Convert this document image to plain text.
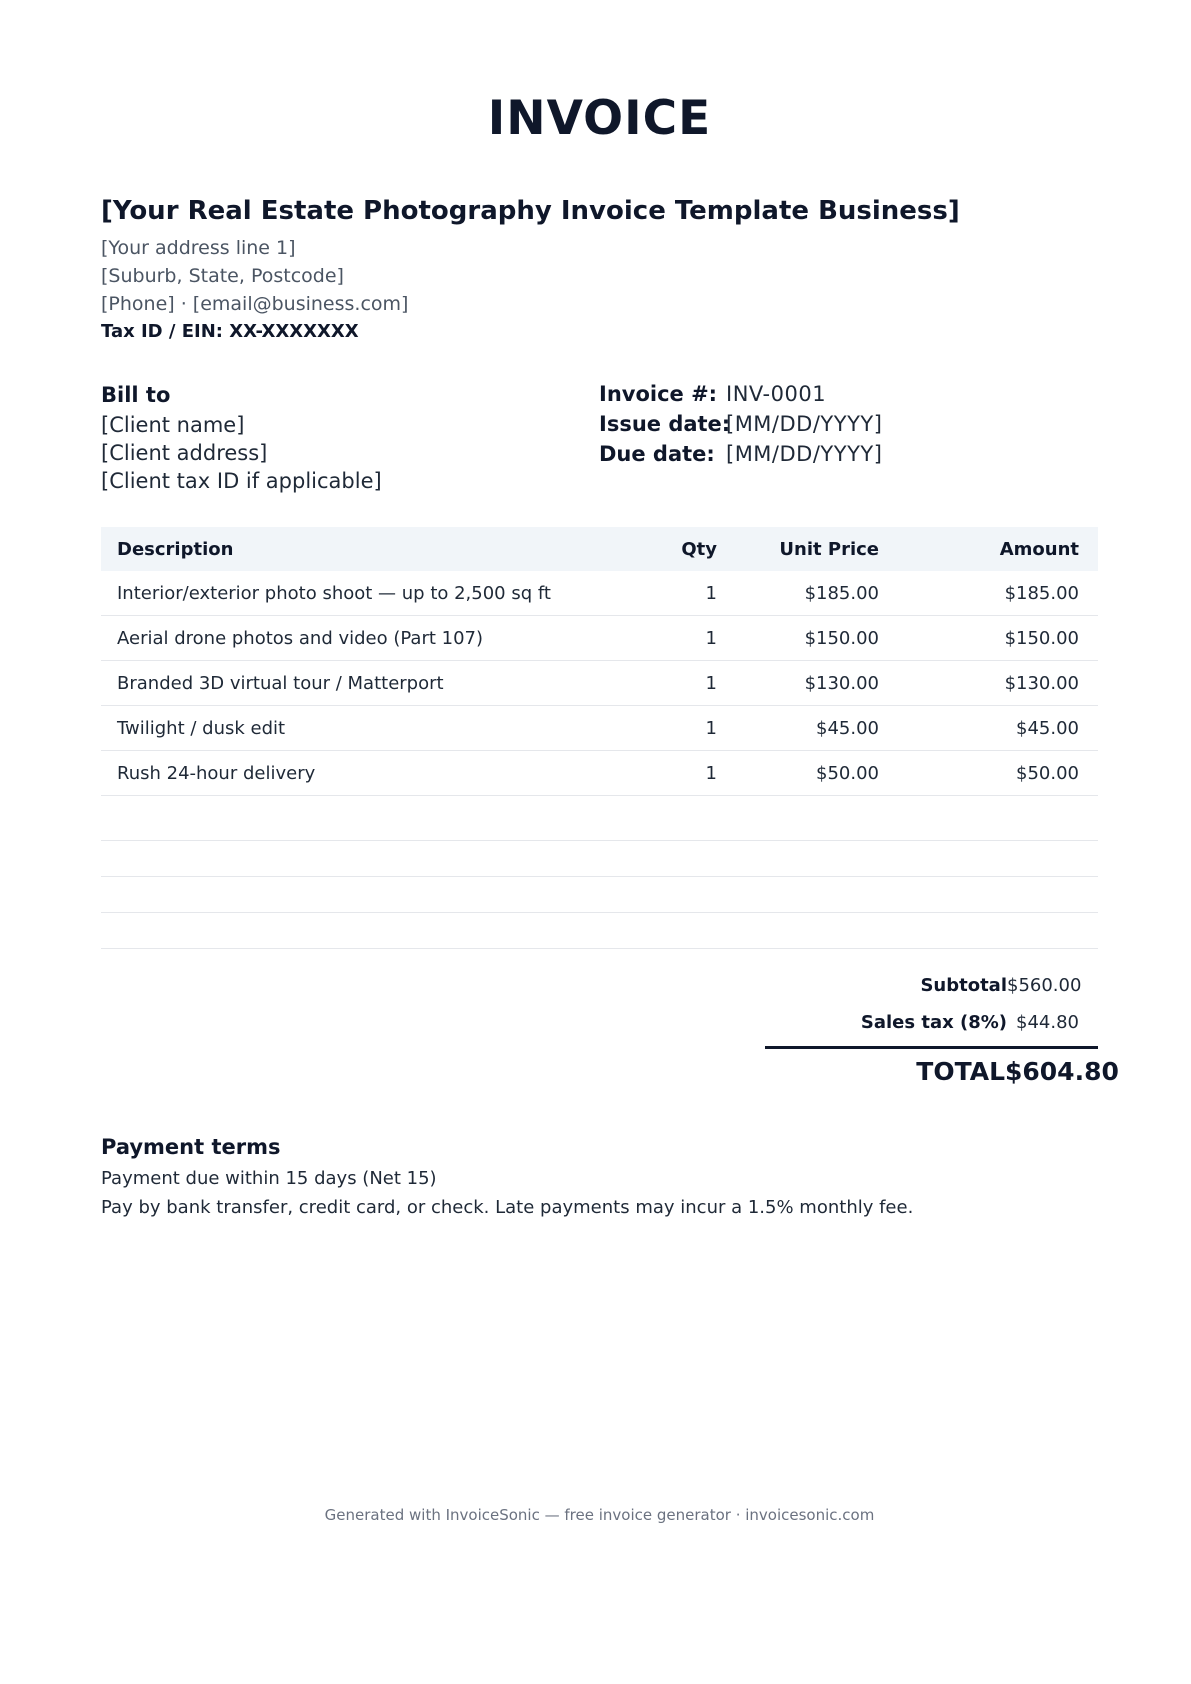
INVOICE
[Your Real Estate Photography Invoice Template Business]
[Your address line 1]
[Suburb, State, Postcode]
[Phone] · [email@business.com]
Tax ID / EIN: XX-XXXXXXX
Bill to
[Client name]
[Client address]
[Client tax ID if applicable]
Invoice #: INV-0001
Issue date:
[MM/DD/YYYY]
Due date: [MM/DD/YYYY]
Description	Qty	Unit Price	Amount
Interior/exterior photo shoot — up to 2,500 sq ft	1	$185.00	$185.00
Aerial drone photos and video (Part 107)	1	$150.00	$150.00
Branded 3D virtual tour / Matterport	1	$130.00	$130.00
Twilight / dusk edit	1	$45.00	$45.00
Rush 24-hour delivery	1	$50.00	$50.00
Subtotal $560.00
Sales tax (8%) $44.80
TOTAL $604.80
Payment terms
Payment due within 15 days (Net 15)
Pay by bank transfer, credit card, or check. Late payments may incur a 1.5% monthly fee.
Generated with InvoiceSonic — free invoice generator · invoicesonic.com
